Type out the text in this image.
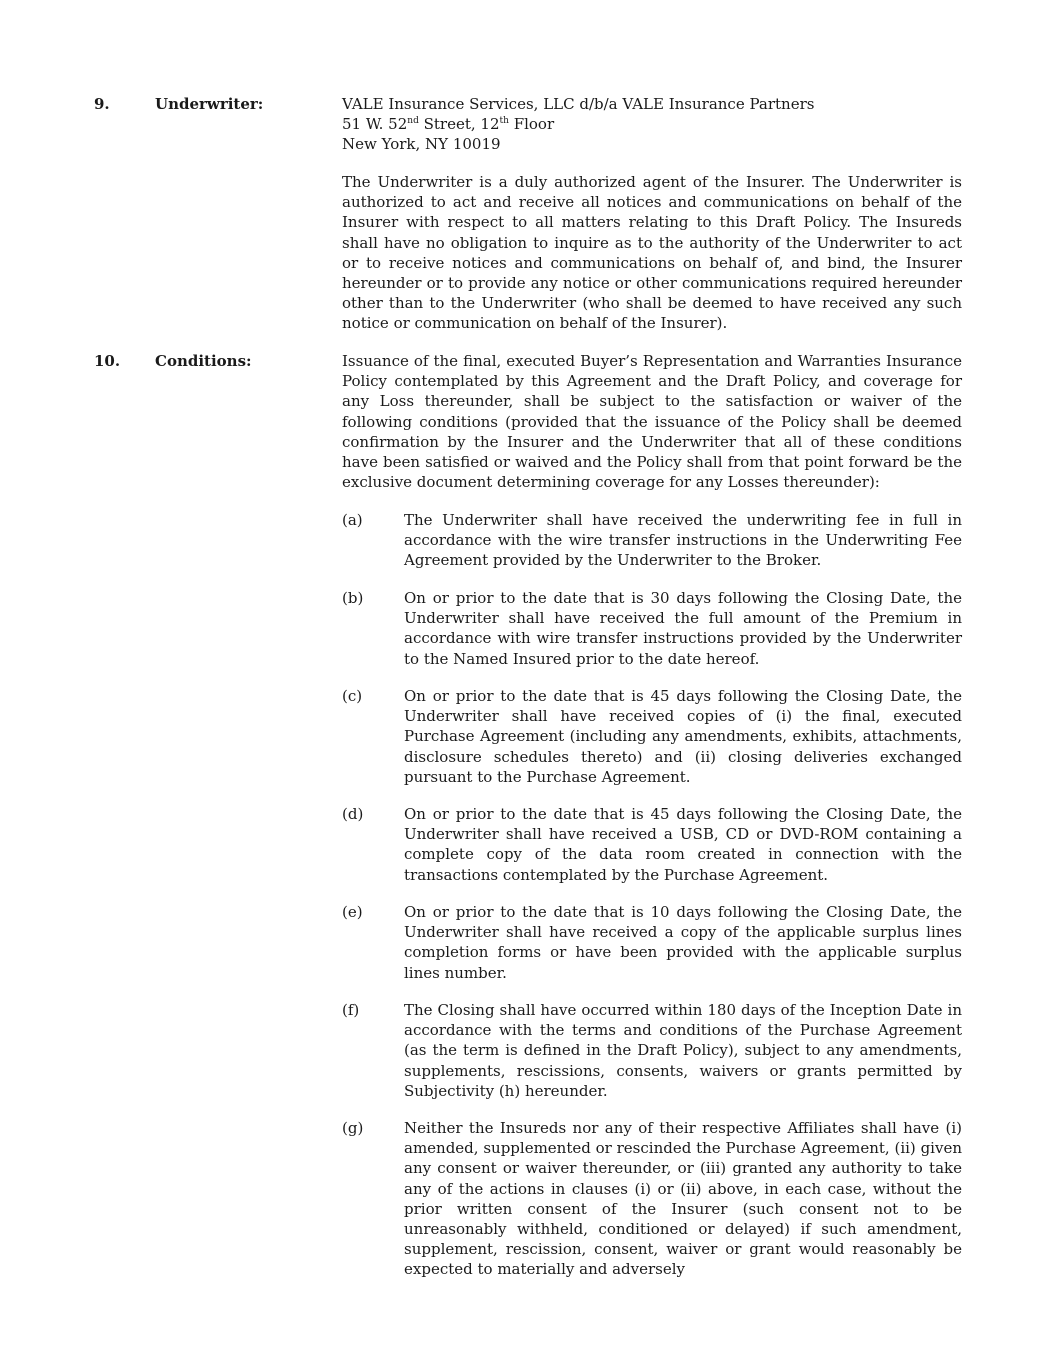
9.	Underwriter:	VALE Insurance Services, LLC d/b/a VALE Insurance Partners
51 W. 52nd Street, 12th Floor
New York, NY 10019
The Underwriter is a duly authorized agent of the Insurer. The Underwriter is authorized to act and receive all notices and communications on behalf of the Insurer with respect to all matters relating to this Draft Policy. The Insureds shall have no obligation to inquire as to the authority of the Underwriter to act or to receive notices and communications on behalf of, and bind, the Insurer hereunder or to provide any notice or other communications required hereunder other than to the Underwriter (who shall be deemed to have received any such notice or communication on behalf of the Insurer).
10. Conditions:	Issuance of the final, executed Buyer’s Representation and Warranties Insurance Policy contemplated by this Agreement and the Draft Policy, and coverage for any Loss thereunder, shall be subject to the satisfaction or waiver of the following conditions (provided that the issuance of the Policy shall be deemed confirmation by the Insurer and the Underwriter that all of these conditions have been satisfied or waived and the Policy shall from that point forward be the exclusive document determining coverage for any Losses thereunder):
(a)	The Underwriter shall have received the underwriting fee in full in accordance with the wire transfer instructions in the Underwriting Fee Agreement provided by the Underwriter to the Broker.
(b)	On or prior to the date that is 30 days following the Closing Date, the Underwriter shall have received the full amount of the Premium in accordance with wire transfer instructions provided by the Underwriter to the Named Insured prior to the date hereof.
(c)	On or prior to the date that is 45 days following the Closing Date, the Underwriter shall have received copies of (i) the final, executed Purchase Agreement (including any amendments, exhibits, attachments, disclosure schedules thereto) and (ii) closing deliveries exchanged pursuant to the Purchase Agreement.
(d)	On or prior to the date that is 45 days following the Closing Date, the Underwriter shall have received a USB, CD or DVD-ROM containing a complete copy of the data room created in connection with the transactions contemplated by the Purchase Agreement.
(e)	On or prior to the date that is 10 days following the Closing Date, the Underwriter shall have received a copy of the applicable surplus lines completion forms or have been provided with the applicable surplus lines number.
(f)	The Closing shall have occurred within 180 days of the Inception Date in accordance with the terms and conditions of the Purchase Agreement (as the term is defined in the Draft Policy), subject to any amendments, supplements, rescissions, consents, waivers or grants permitted by Subjectivity (h) hereunder.
(g)	Neither the Insureds nor any of their respective Affiliates shall have (i) amended, supplemented or rescinded the Purchase Agreement, (ii) given any consent or waiver thereunder, or (iii) granted any authority to take any of the actions in clauses (i) or (ii) above, in each case, without the prior written consent of the Insurer (such consent not to be unreasonably withheld, conditioned or delayed) if such amendment, supplement, rescission, consent, waiver or grant would reasonably be expected to materially and adversely
